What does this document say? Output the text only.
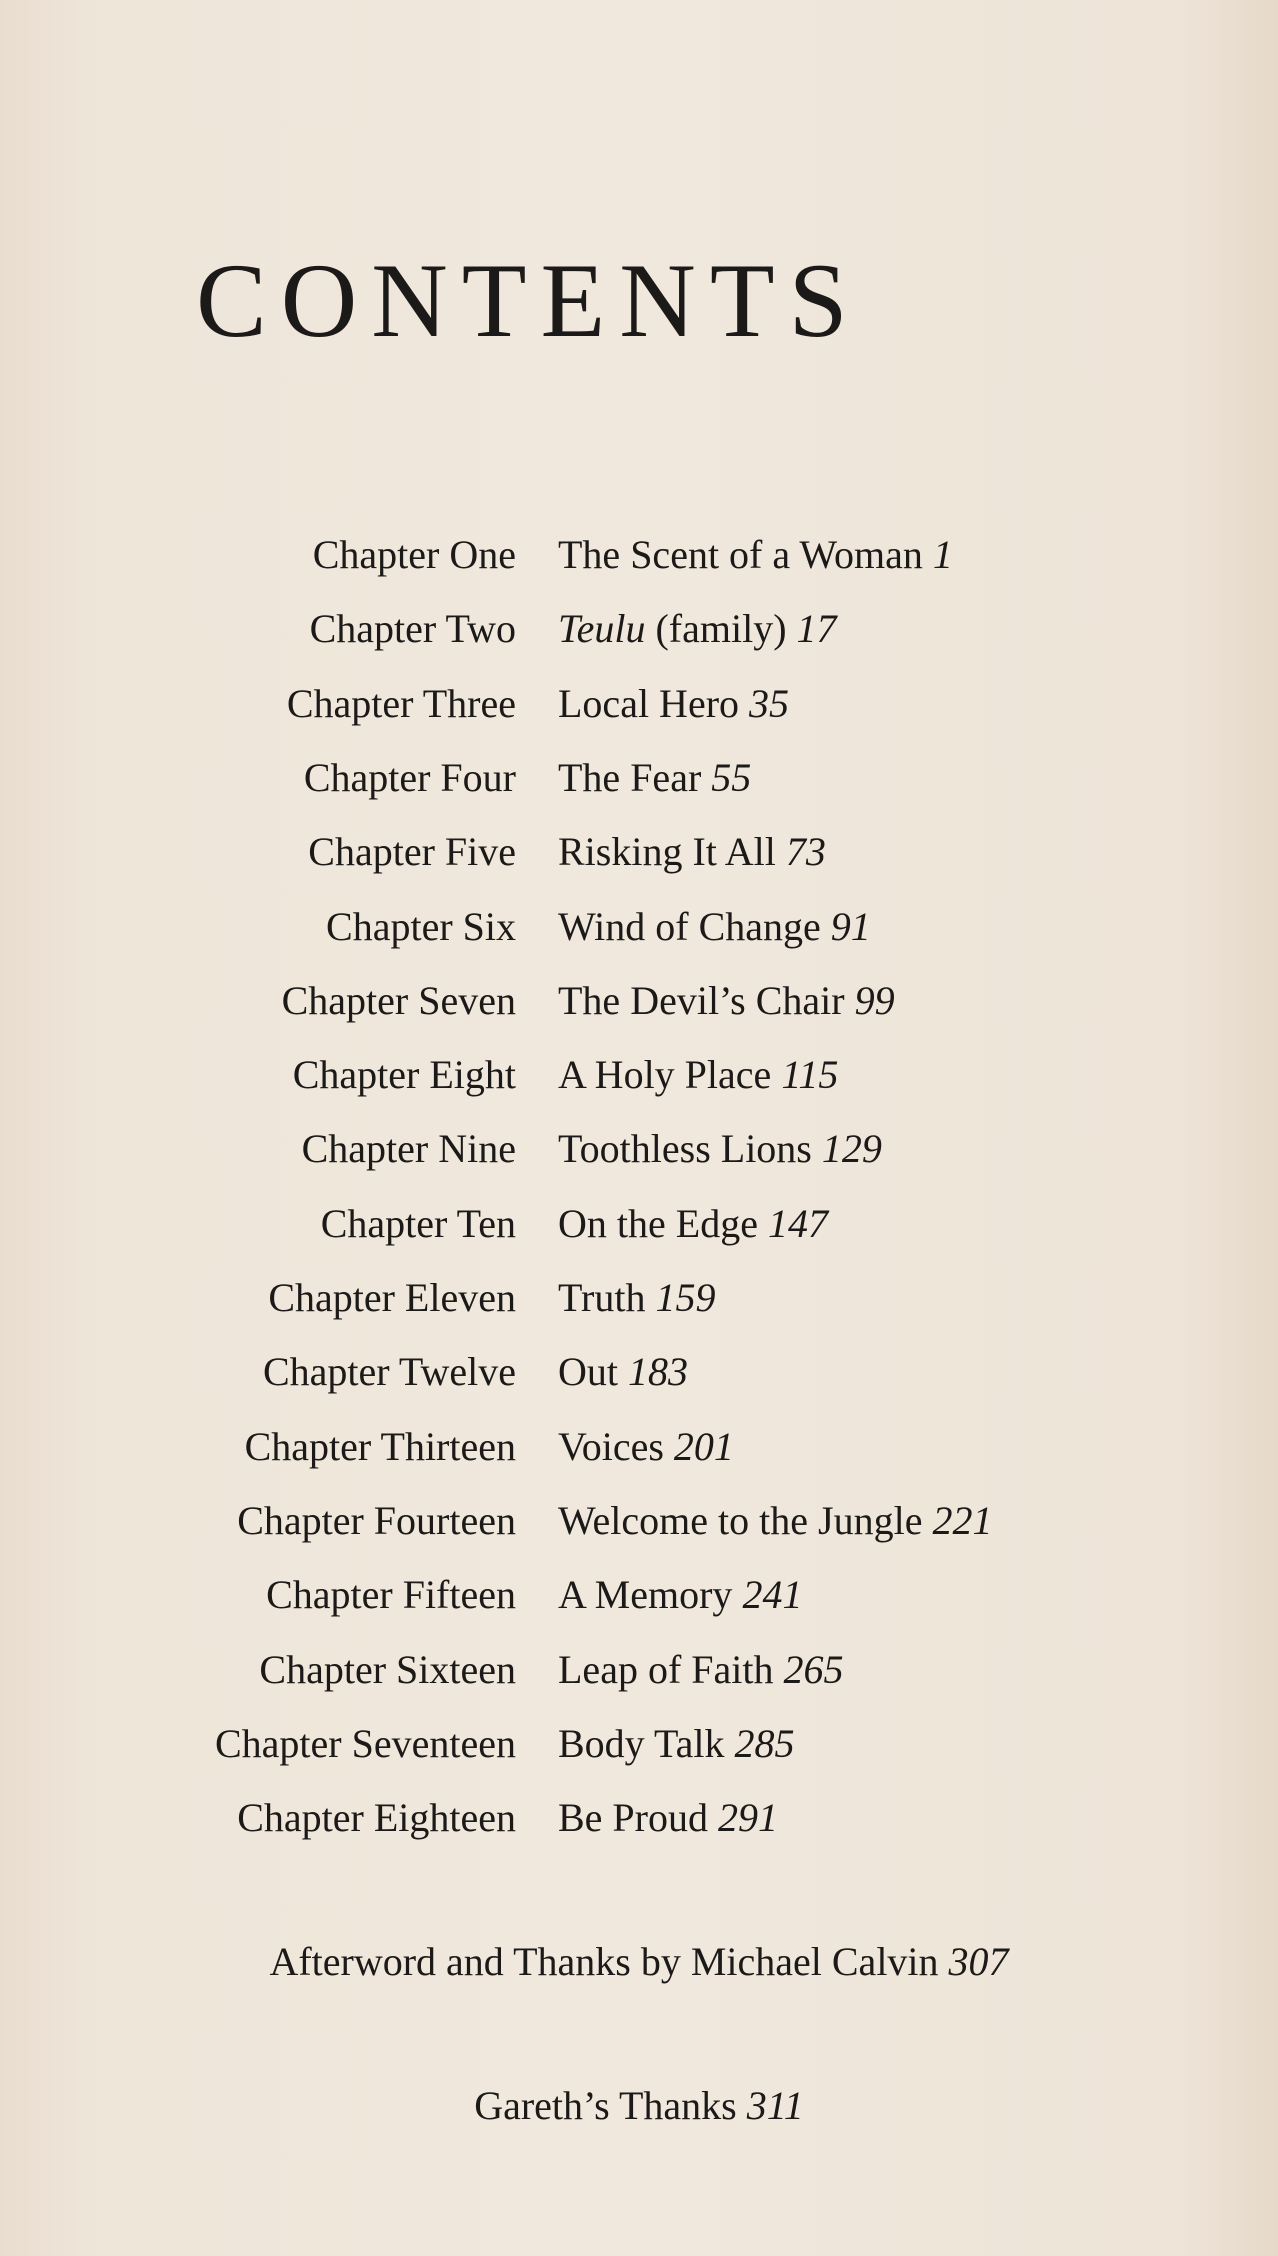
CONTENTS
Chapter One The Scent of a Woman 1
Chapter Two Teulu (family) 17
Chapter Three Local Hero 35
Chapter Four The Fear 55
Chapter Five Risking It All 73
Chapter Six Wind of Change 91
Chapter Seven The Devil’s Chair 99
Chapter Eight A Holy Place 115
Chapter Nine Toothless Lions 129
Chapter Ten On the Edge 147
Chapter Eleven Truth 159
Chapter Twelve Out 183
Chapter Thirteen Voices 201
Chapter Fourteen Welcome to the Jungle 221
Chapter Fifteen A Memory 241
Chapter Sixteen Leap of Faith 265
Chapter Seventeen Body Talk 285
Chapter Eighteen Be Proud 291
Afterword and Thanks by Michael Calvin 307
Gareth’s Thanks 311
